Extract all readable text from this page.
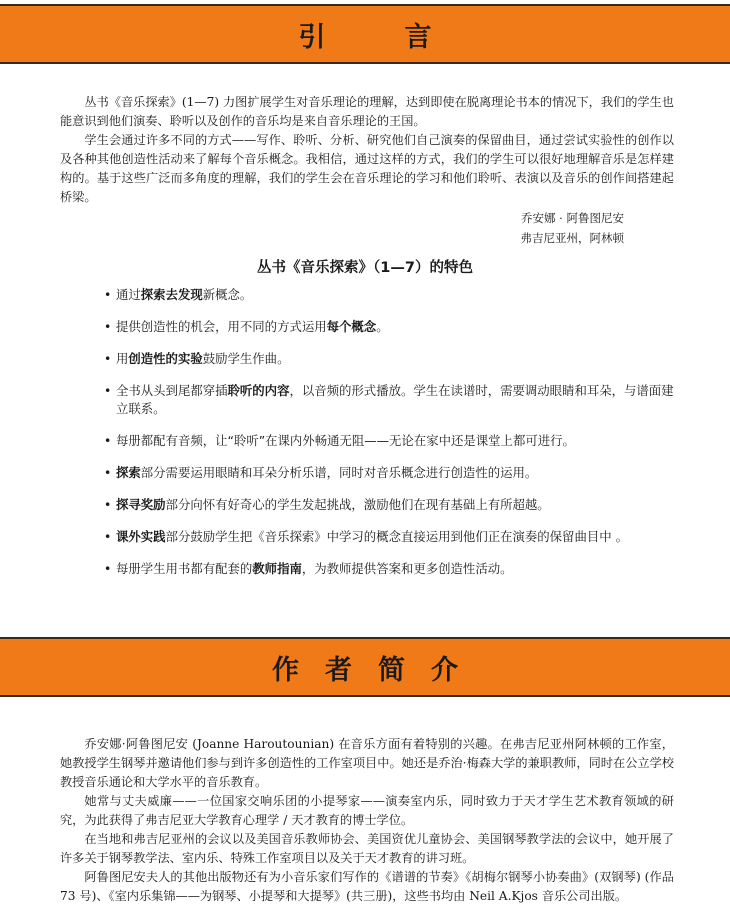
引　言

丛书《音乐探索》(1—7) 力图扩展学生对音乐理论的理解，达到即使在脱离理论书本的情况下，我们的学生也能意识到他们演奏、聆听以及创作的音乐均是来自音乐理论的王国。

学生会通过许多不同的方式——写作、聆听、分析、研究他们自己演奏的保留曲目，通过尝试实验性的创作以及各种其他创造性活动来了解每个音乐概念。我相信，通过这样的方式，我们的学生可以很好地理解音乐是怎样建构的。基于这些广泛而多角度的理解，我们的学生会在音乐理论的学习和他们聆听、表演以及音乐的创作间搭建起桥梁。

乔安娜 · 阿鲁图尼安
弗吉尼亚州，阿林顿
丛书《音乐探索》（1—7）的特色
• 通过探索去发现新概念。
• 提供创造性的机会，用不同的方式运用每个概念。
• 用创造性的实验鼓励学生作曲。
• 全书从头到尾都穿插聆听的内容，以音频的形式播放。学生在读谱时，需要调动眼睛和耳朵，与谱面建立联系。
• 每册都配有音频，让“聆听”在课内外畅通无阻——无论在家中还是课堂上都可进行。
• 探索部分需要运用眼睛和耳朵分析乐谱，同时对音乐概念进行创造性的运用。
• 探寻奖励部分向怀有好奇心的学生发起挑战，激励他们在现有基础上有所超越。
• 课外实践部分鼓励学生把《音乐探索》中学习的概念直接运用到他们正在演奏的保留曲目中 。
• 每册学生用书都有配套的教师指南，为教师提供答案和更多创造性活动。
作者简介

乔安娜·阿鲁图尼安 (Joanne Haroutounian) 在音乐方面有着特别的兴趣。在弗吉尼亚州阿林顿的工作室，她教授学生钢琴并邀请他们参与到许多创造性的工作室项目中。她还是乔治·梅森大学的兼职教师，同时在公立学校教授音乐通论和大学水平的音乐教育。

她常与丈夫威廉——一位国家交响乐团的小提琴家——演奏室内乐，同时致力于天才学生艺术教育领域的研究，为此获得了弗吉尼亚大学教育心理学 / 天才教育的博士学位。

在当地和弗吉尼亚州的会议以及美国音乐教师协会、美国资优儿童协会、美国钢琴教学法的会议中，她开展了许多关于钢琴教学法、室内乐、特殊工作室项目以及关于天才教育的讲习班。

阿鲁图尼安夫人的其他出版物还有为小音乐家们写作的《谱谱的节奏》《胡梅尔钢琴小协奏曲》(双钢琴) (作品 73 号)、《室内乐集锦——为钢琴、小提琴和大提琴》(共三册)，这些书均由 Neil A.Kjos 音乐公司出版。
